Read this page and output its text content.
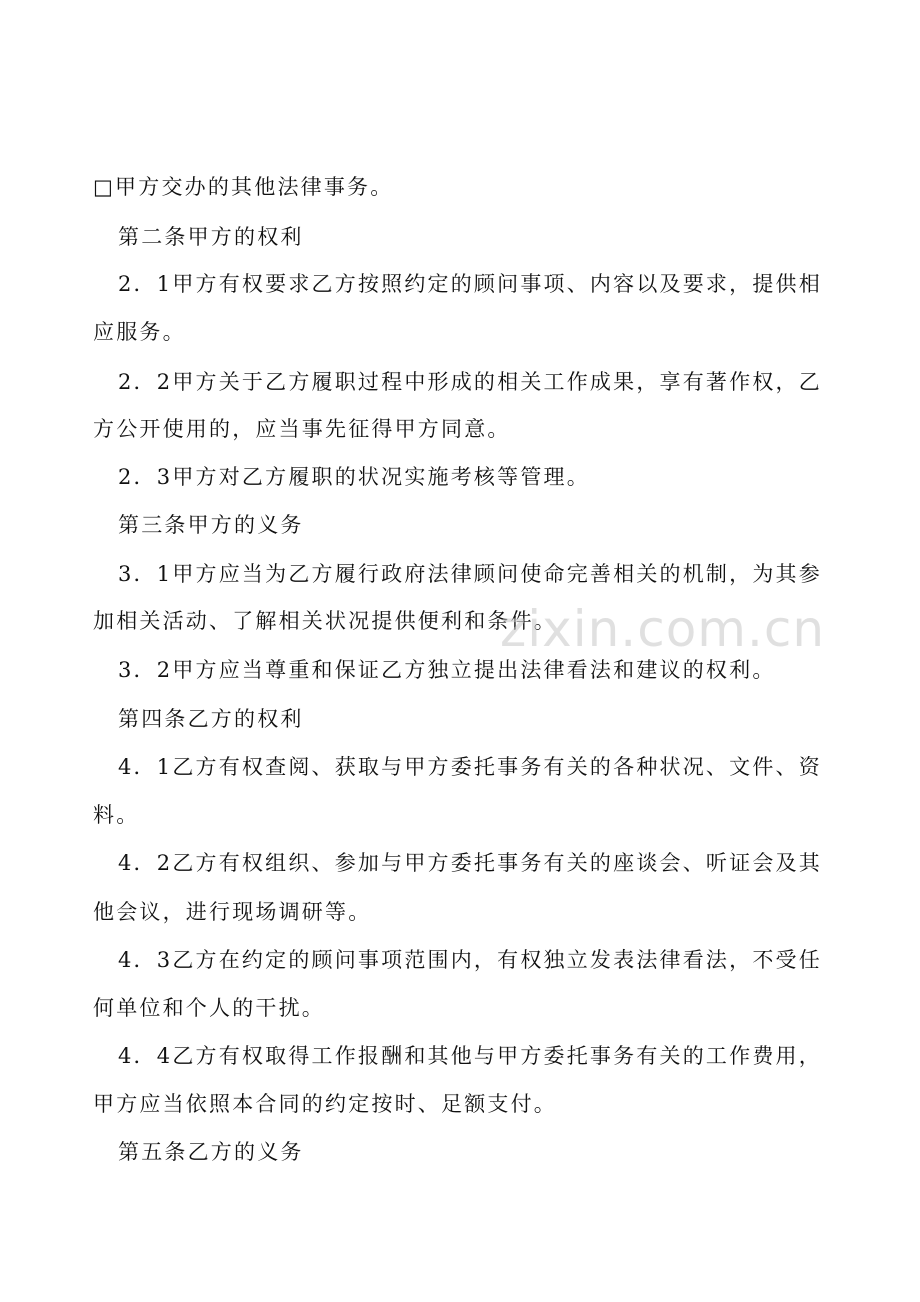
□甲方交办的其他法律事务。
第二条甲方的权利
2．1甲方有权要求乙方按照约定的顾问事项、内容以及要求，提供相
应服务。
2．2甲方关于乙方履职过程中形成的相关工作成果，享有著作权，乙
方公开使用的，应当事先征得甲方同意。
2．3甲方对乙方履职的状况实施考核等管理。
第三条甲方的义务
3．1甲方应当为乙方履行政府法律顾问使命完善相关的机制，为其参
加相关活动、了解相关状况提供便利和条件。
3．2甲方应当尊重和保证乙方独立提出法律看法和建议的权利。
第四条乙方的权利
4．1乙方有权查阅、获取与甲方委托事务有关的各种状况、文件、资
料。
4．2乙方有权组织、参加与甲方委托事务有关的座谈会、听证会及其
他会议，进行现场调研等。
4．3乙方在约定的顾问事项范围内，有权独立发表法律看法，不受任
何单位和个人的干扰。
4．4乙方有权取得工作报酬和其他与甲方委托事务有关的工作费用，
甲方应当依照本合同的约定按时、足额支付。
第五条乙方的义务
zixin.com.cn
